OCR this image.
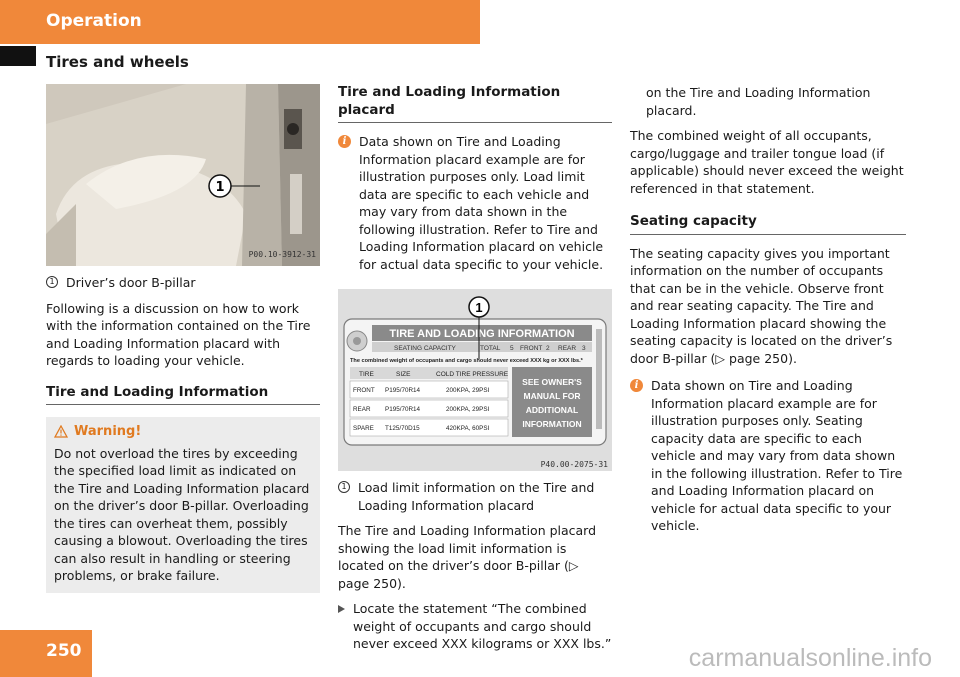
Operation
Tires and wheels
1
P00.10-3912-31
1 Driver’s door B-pillar

Following is a discussion on how to work with the information contained on the Tire and Loading Information placard with regards to loading your vehicle.

Tire and Loading Information
Warning!
Do not overload the tires by exceeding the specified load limit as indicated on the Tire and Loading Information placard on the driver’s door B-pillar. Overloading the tires can overheat them, possibly causing a blowout. Overloading the tires can also result in handling or steering problems, or brake failure.
Tire and Loading Information placard
i	Data shown on Tire and Loading Information placard example are for illustration purposes only. Load limit data are specific to each vehicle and may vary from data shown in the following illustration. Refer to Tire and Loading Information placard on vehicle for actual data specific to your vehicle.
TIRE AND LOADING INFORMATION
SEATING CAPACITY	TOTAL 5 FRONT 2 REAR 3
The combined weight of occupants and cargo should never exceed XXX kg or XXX lbs.*
TIRE	SIZE	COLD TIRE PRESSURE
FRONT P195/70R14	200KPA, 29PSI
REAR P195/70R14	200KPA, 29PSI
SPARE T125/70D15	420KPA, 60PSI
SEE OWNER'S
MANUAL FOR
ADDITIONAL
INFORMATION
1
P40.00-2075-31
1 Load limit information on the Tire and Loading Information placard

The Tire and Loading Information placard showing the load limit information is located on the driver’s door B-pillar (▷ page 250).

Locate the statement “The combined weight of occupants and cargo should never exceed XXX kilograms or XXX lbs.”
on the Tire and Loading Information placard.

The combined weight of all occupants, cargo/luggage and trailer tongue load (if applicable) should never exceed the weight referenced in that statement.

Seating capacity

The seating capacity gives you important information on the number of occupants that can be in the vehicle. Observe front and rear seating capacity. The Tire and Loading Information placard showing the seating capacity is located on the driver’s door B-pillar (▷ page 250).

i	Data shown on Tire and Loading Information placard example are for illustration purposes only. Seating capacity data are specific to each vehicle and may vary from data shown in the following illustration. Refer to Tire and Loading Information placard on vehicle for actual data specific to your vehicle.
250	carmanualsonline.info
